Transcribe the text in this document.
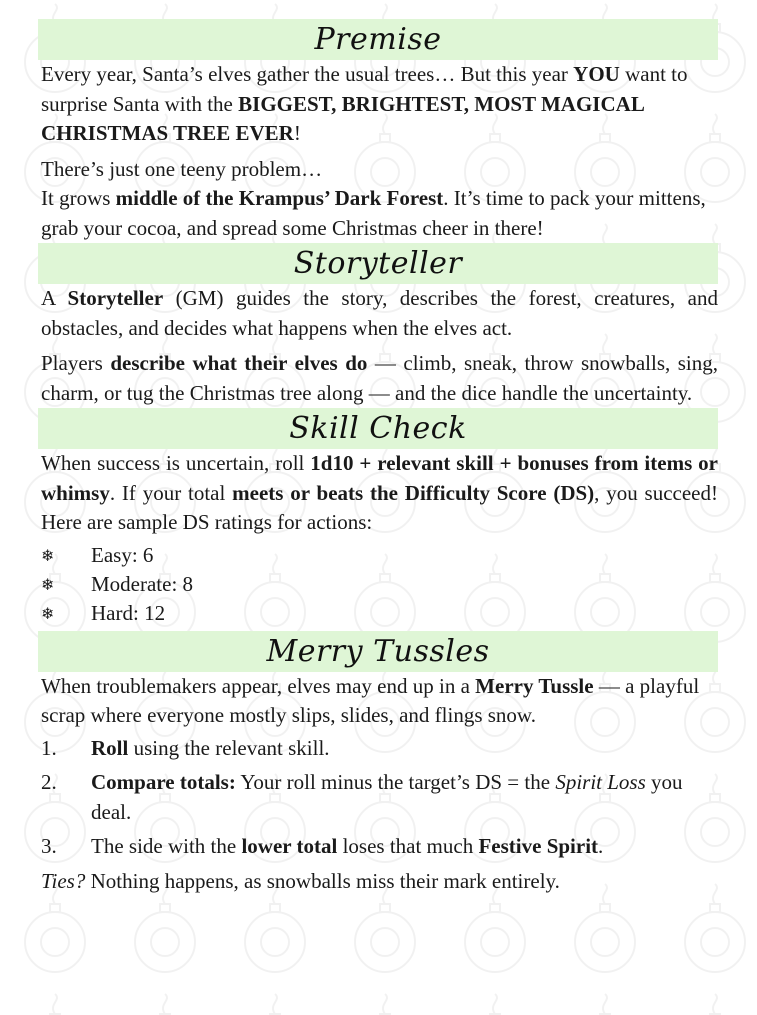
Premise

Every year, Santa’s elves gather the usual trees… But this year YOU want to surprise Santa with the BIGGEST, BRIGHTEST, MOST MAGICAL CHRISTMAS TREE EVER!

There’s just one teeny problem…

It grows middle of the Krampus’ Dark Forest. It’s time to pack your mittens, grab your cocoa, and spread some Christmas cheer in there!

Storyteller

A Storyteller (GM) guides the story, describes the forest, creatures, and obstacles, and decides what happens when the elves act.

Players describe what their elves do — climb, sneak, throw snowballs, sing, charm, or tug the Christmas tree along — and the dice handle the uncertainty.

Skill Check

When success is uncertain, roll 1d10 + relevant skill + bonuses from items or whimsy. If your total meets or beats the Difficulty Score (DS), you succeed! Here are sample DS ratings for actions:

❄	Easy: 6
❄	Moderate: 8
❄	Hard: 12
Merry Tussles

When troublemakers appear, elves may end up in a Merry Tussle — a playful scrap where everyone mostly slips, slides, and flings snow.

1.	Roll using the relevant skill.
2.	Compare totals: Your roll minus the target’s DS = the Spirit Loss you deal.
3.	The side with the lower total loses that much Festive Spirit.

Ties? Nothing happens, as snowballs miss their mark entirely.
